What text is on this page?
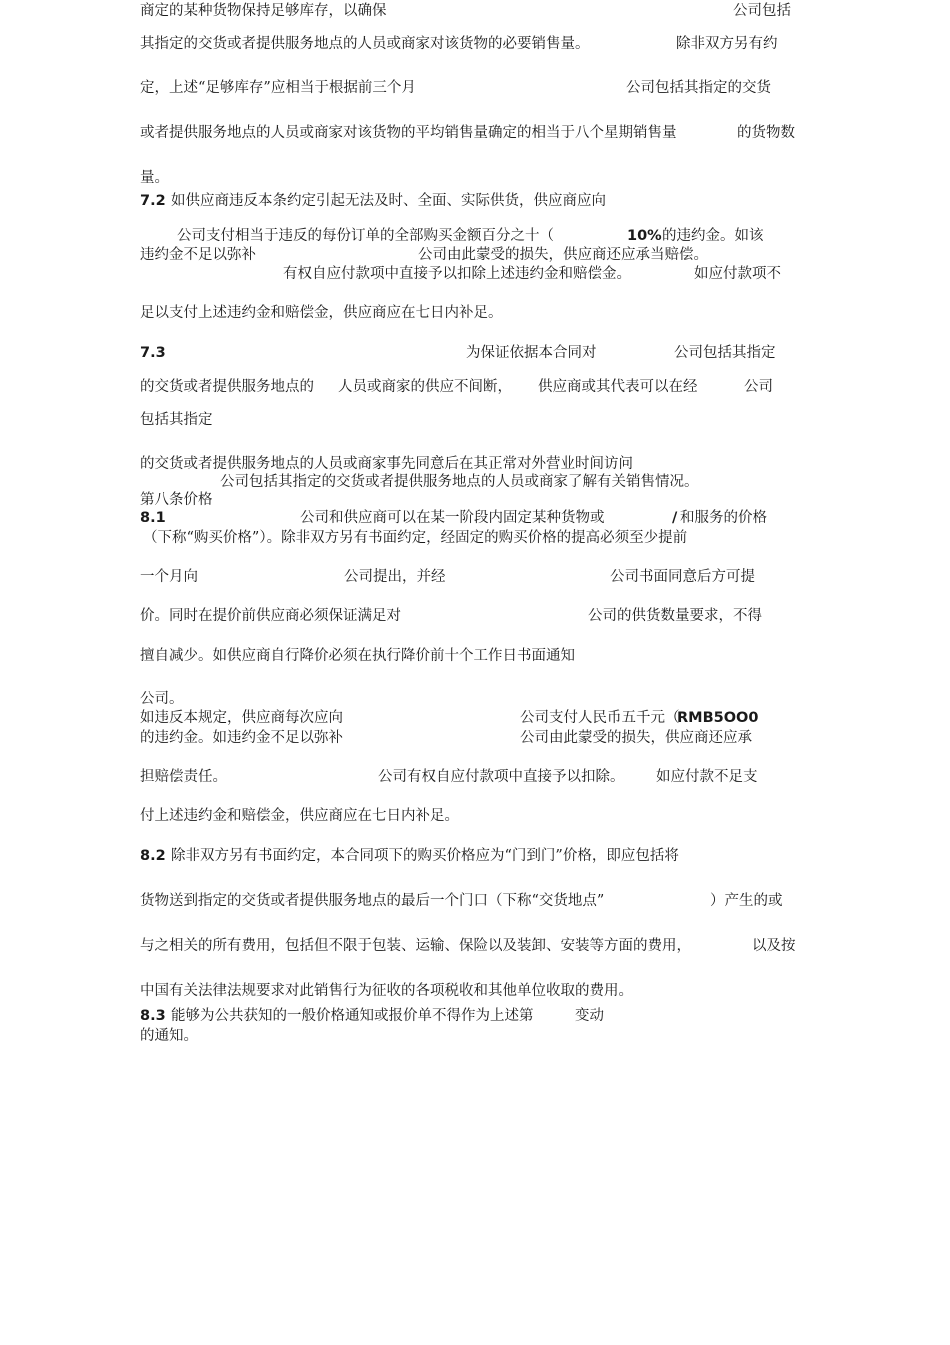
商定的某种货物保持足够库存，以确保	公司包括
其指定的交货或者提供服务地点的人员或商家对该货物的必要销售量。	除非双方另有约
定，上述“足够库存”应相当于根据前三个月	公司包括其指定的交货
或者提供服务地点的人员或商家对该货物的平均销售量确定的相当于八个星期销售量	的货物数
量。
7.2 如供应商违反本条约定引起无法及时、全面、实际供货，供应商应向
公司支付相当于违反的每份订单的全部购买金额百分之十（	10% 的违约金。如该
违约金不足以弥补	公司由此蒙受的损失，供应商还应承当赔偿。
有权自应付款项中直接予以扣除上述违约金和赔偿金。	如应付款项不
足以支付上述违约金和赔偿金，供应商应在七日内补足。
7.3	为保证依据本合同对	公司包括其指定
的交货或者提供服务地点的 人员或商家的供应不间断， 供应商或其代表可以在经	公司
包括其指定
的交货或者提供服务地点的人员或商家事先同意后在其正常对外营业时间访问
公司包括其指定的交货或者提供服务地点的人员或商家了解有关销售情况。
第八条价格
8.1	公司和供应商可以在某一阶段内固定某种货物或	/ 和服务的价格
（下称“购买价格”）。除非双方另有书面约定，经固定的购买价格的提高必须至少提前
一个月向	公司提出，并经	公司书面同意后方可提
价。同时在提价前供应商必须保证满足对	公司的供货数量要求，不得
擅自减少。如供应商自行降价必须在执行降价前十个工作日书面通知
公司。
如违反本规定，供应商每次应向	公司支付人民币五千元（
RMB5OO0
的违约金。如违约金不足以弥补	公司由此蒙受的损失，供应商还应承
担赔偿责任。	公司有权自应付款项中直接予以扣除。 如应付款不足支
付上述违约金和赔偿金，供应商应在七日内补足。
8.2 除非双方另有书面约定，本合同项下的购买价格应为“门到门”价格，即应包括将
货物送到指定的交货或者提供服务地点的最后一个门口（下称“交货地点”	）产生的或
与之相关的所有费用，包括但不限于包装、运输、保险以及装卸、安装等方面的费用，	以及按
中国有关法律法规要求对此销售行为征收的各项税收和其他单位收取的费用。
8.3 能够为公共获知的一般价格通知或报价单不得作为上述第	变动
的通知。
